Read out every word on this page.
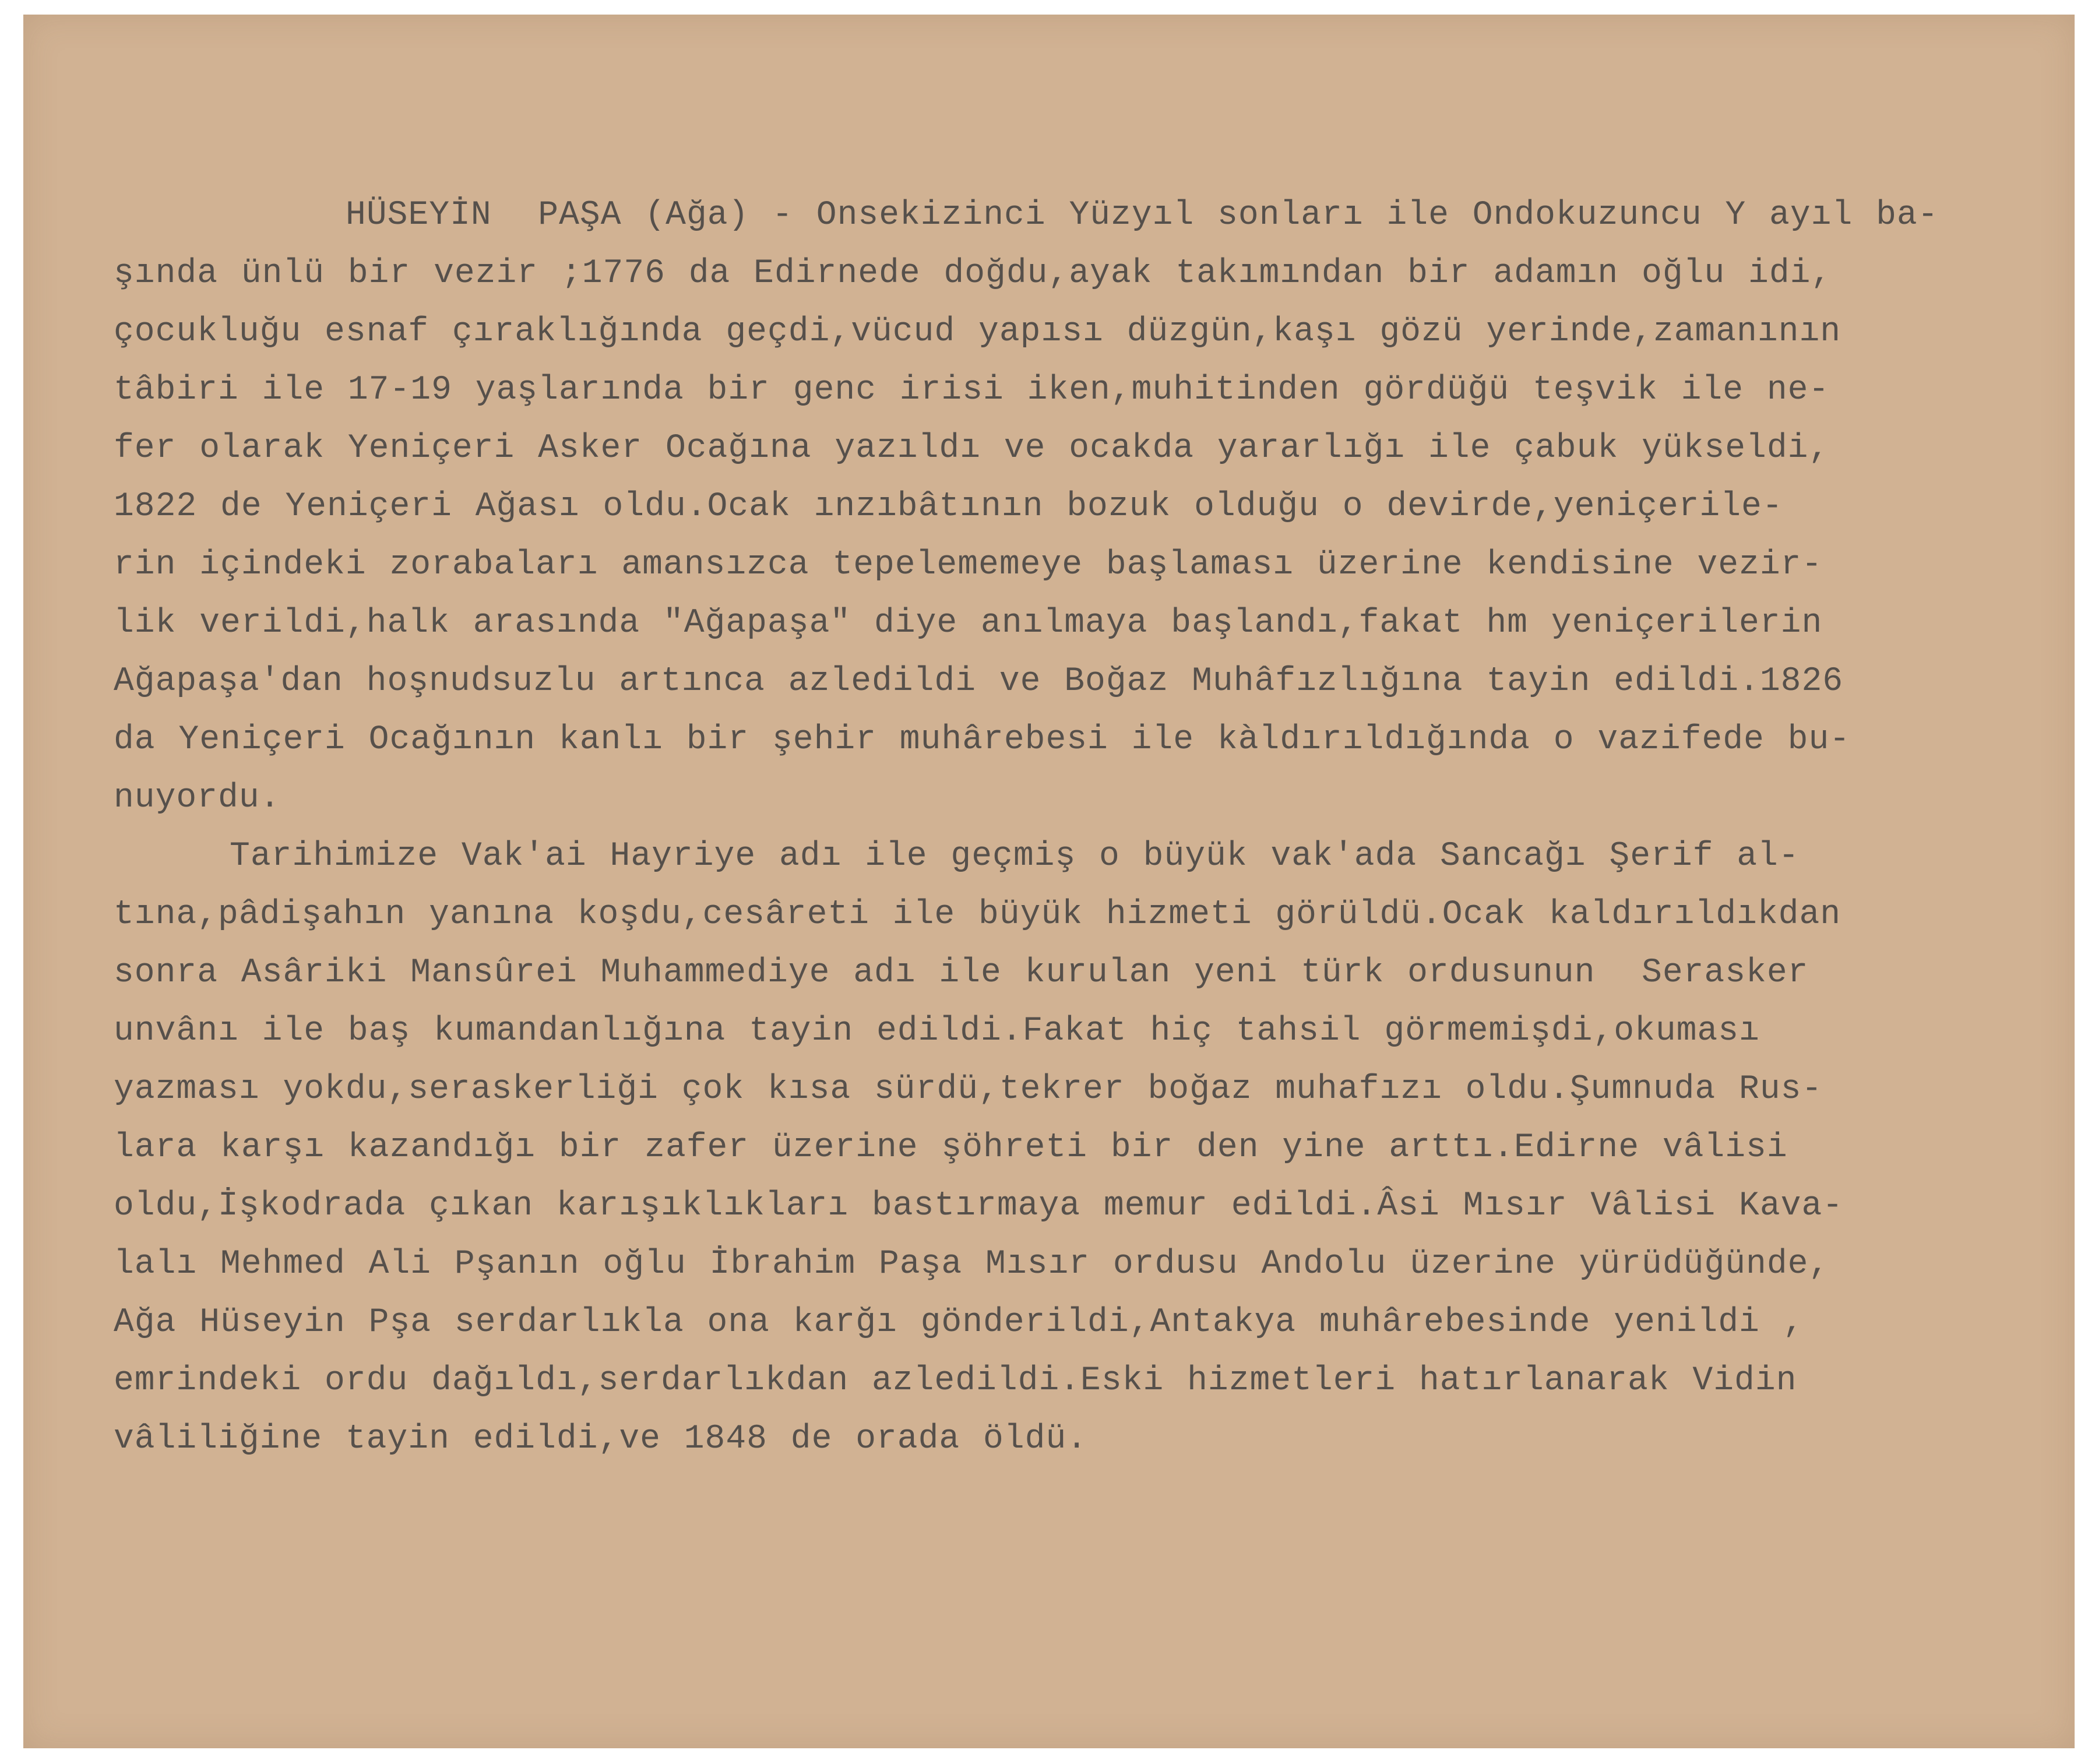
HÜSEYİN  PAŞA (Ağa) - Onsekizinci Yüzyıl sonları ile Ondokuzuncu Y ayıl ba-
şında ünlü bir vezir ;1776 da Edirnede doğdu,ayak takımından bir adamın oğlu idi,
çocukluğu esnaf çıraklığında geçdi,vücud yapısı düzgün,kaşı gözü yerinde,zamanının
tâbiri ile 17-19 yaşlarında bir genc irisi iken,muhitinden gördüğü teşvik ile ne-
fer olarak Yeniçeri Asker Ocağına yazıldı ve ocakda yararlığı ile çabuk yükseldi,
1822 de Yeniçeri Ağası oldu.Ocak ınzıbâtının bozuk olduğu o devirde,yeniçerile-
rin içindeki zorabaları amansızca tepelememeye başlaması üzerine kendisine vezir-
lik verildi,halk arasında "Ağapaşa" diye anılmaya başlandı,fakat hm yeniçerilerin
Ağapaşa'dan hoşnudsuzlu artınca azledildi ve Boğaz Muhâfızlığına tayin edildi.1826
da Yeniçeri Ocağının kanlı bir şehir muhârebesi ile kàldırıldığında o vazifede bu-
nuyordu.
Tarihimize Vak'ai Hayriye adı ile geçmiş o büyük vak'ada Sancağı Şerif al-
tına,pâdişahın yanına koşdu,cesâreti ile büyük hizmeti görüldü.Ocak kaldırıldıkdan
sonra Asâriki Mansûrei Muhammediye adı ile kurulan yeni türk ordusunun  Serasker
unvânı ile baş kumandanlığına tayin edildi.Fakat hiç tahsil görmemişdi,okuması
yazması yokdu,seraskerliği çok kısa sürdü,tekrer boğaz muhafızı oldu.Şumnuda Rus-
lara karşı kazandığı bir zafer üzerine şöhreti bir den yine arttı.Edirne vâlisi
oldu,İşkodrada çıkan karışıklıkları bastırmaya memur edildi.Âsi Mısır Vâlisi Kava-
lalı Mehmed Ali Pşanın oğlu İbrahim Paşa Mısır ordusu Andolu üzerine yürüdüğünde,
Ağa Hüseyin Pşa serdarlıkla ona karğı gönderildi,Antakya muhârebesinde yenildi ,
emrindeki ordu dağıldı,serdarlıkdan azledildi.Eski hizmetleri hatırlanarak Vidin
vâliliğine tayin edildi,ve 1848 de orada öldü.
